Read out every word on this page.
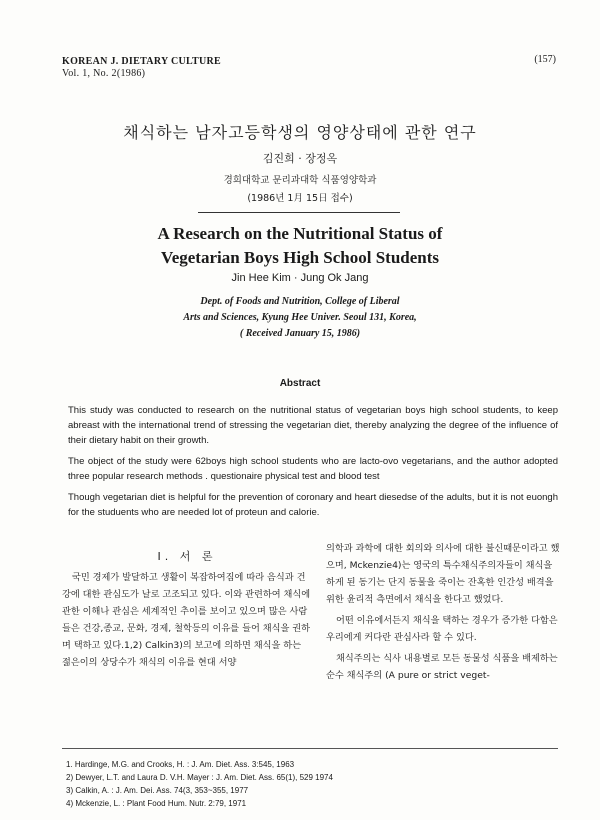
KOREAN J. DIETARY CULTURE
Vol. 1, No. 2(1986)
(157)
채식하는 남자고등학생의 영양상태에 관한 연구
김진희 · 장정옥
경희대학교 문리과대학 식품영양학과
(1986년 1月 15日 접수)
A Research on the Nutritional Status of
Vegetarian Boys High School Students
Jin Hee Kim · Jung Ok Jang
Dept. of Foods and Nutrition, College of Liberal
Arts and Sciences, Kyung Hee Univer. Seoul 131, Korea,
( Received January 15, 1986)
Abstract

This study was conducted to research on the nutritional status of vegetarian boys high school students, to keep abreast with the international trend of stressing the vegetarian diet, thereby analyzing the degree of the influence of their dietary habit on their growth.

The object of the study were 62boys high school students who are lacto-ovo vegetarians, and the author adopted three popular research methods . questionaire physical test and blood test

Though vegetarian diet is helpful for the prevention of coronary and heart diesedse of the adults, but it is not euongh for the studuents who are needed lot of proteun and calorie.

I. 서 론

국민 경제가 발달하고 생활이 복잡하여짐에 따라 음식과 건강에 대한 관심도가 날로 고조되고 있다. 이와 관련하여 채식에 관한 이해나 관심은 세계적인 추이를 보이고 있으며 많은 사람들은 건강,종교, 문화, 경제, 철학등의 이유를 들어 채식을 권하며 택하고 있다.1,2) Calkin3)의 보고에 의하면 채식을 하는 젊은이의 상당수가 채식의 이유를 현대 서양

의학과 과학에 대한 회의와 의사에 대한 불신때문이라고 했으며, Mckenzie4)는 영국의 특수채식주의자들이 채식을 하게 된 동기는 단지 동물을 죽이는 잔혹한 인간성 배격을 위한 윤리적 측면에서 채식을 한다고 했었다.

어떤 이유에서든지 채식을 택하는 경우가 증가한 다함은 우리에게 커다란 관심사라 할 수 있다.

채식주의는 식사 내용별로 모든 동물성 식품을 배제하는 순수 채식주의 (A pure or strict veget-

1. Hardinge, M.G. and Crooks, H. : J. Am. Diet. Ass. 3:545, 1963
2) Dewyer, L.T. and Laura D. V.H. Mayer : J. Am. Diet. Ass. 65(1), 529 1974
3) Calkin, A. : J. Am. Dei. Ass. 74(3, 353~355, 1977
4) Mckenzie, L. : Plant Food Hum. Nutr. 2:79, 1971
